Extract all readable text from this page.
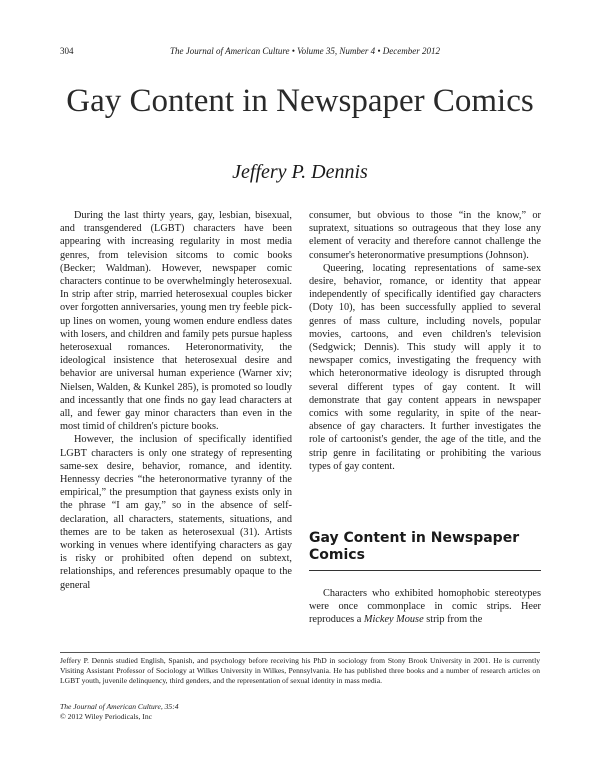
304	The Journal of American Culture • Volume 35, Number 4 • December 2012
Gay Content in Newspaper Comics
Jeffery P. Dennis

During the last thirty years, gay, lesbian, bisexual, and transgendered (LGBT) characters have been appearing with increasing regularity in most media genres, from television sitcoms to comic books (Becker; Waldman). However, newspaper comic characters continue to be overwhelmingly heterosexual. In strip after strip, married heterosexual couples bicker over forgotten anniversaries, young men try feeble pick-up lines on women, young women endure endless dates with losers, and children and family pets pursue hapless heterosexual romances. Heteronormativity, the ideological insistence that heterosexual desire and behavior are universal human experience (Warner xiv; Nielsen, Walden, & Kunkel 285), is promoted so loudly and incessantly that one finds no gay lead characters at all, and fewer gay minor characters than even in the most timid of children's picture books.

However, the inclusion of specifically identified LGBT characters is only one strategy of representing same-sex desire, behavior, romance, and identity. Hennessy decries “the heteronormative tyranny of the empirical,” the presumption that gayness exists only in the phrase “I am gay,” so in the absence of self-declaration, all characters, statements, situations, and themes are to be taken as heterosexual (31). Artists working in venues where identifying characters as gay is risky or prohibited often depend on subtext, relationships, and references presumably opaque to the general

consumer, but obvious to those “in the know,” or supratext, situations so outrageous that they lose any element of veracity and therefore cannot challenge the consumer's heteronormative presumptions (Johnson).

Queering, locating representations of same-sex desire, behavior, romance, or identity that appear independently of specifically identified gay characters (Doty 10), has been successfully applied to several genres of mass culture, including novels, popular movies, cartoons, and even children's television (Sedgwick; Dennis). This study will apply it to newspaper comics, investigating the frequency with which heteronormative ideology is disrupted through several different types of gay content. It will demonstrate that gay content appears in newspaper comics with some regularity, in spite of the near-absence of gay characters. It further investigates the role of cartoonist's gender, the age of the title, and the strip genre in facilitating or prohibiting the various types of gay content.

Gay Content in Newspaper Comics

Characters who exhibited homophobic stereotypes were once commonplace in comic strips. Heer reproduces a Mickey Mouse strip from the

Jeffery P. Dennis studied English, Spanish, and psychology before receiving his PhD in sociology from Stony Brook University in 2001. He is currently Visiting Assistant Professor of Sociology at Wilkes University in Wilkes, Pennsylvania. He has published three books and a number of research articles on LGBT youth, juvenile delinquency, third genders, and the representation of sexual identity in mass media.
The Journal of American Culture, 35:4
© 2012 Wiley Periodicals, Inc
